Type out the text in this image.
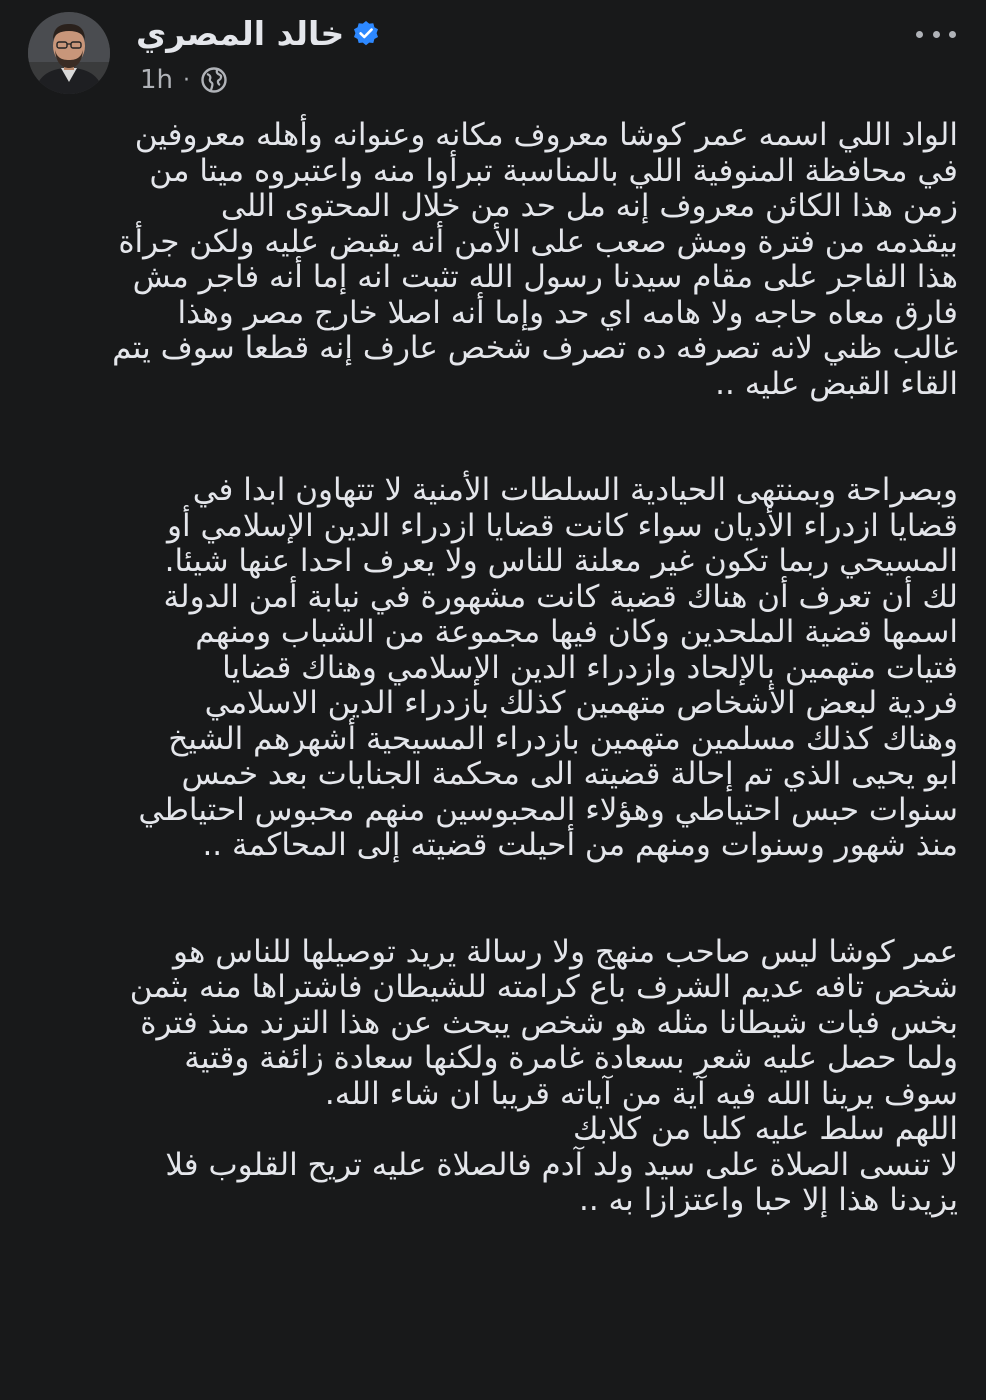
خالد المصري
1h ·
الواد اللي اسمه عمر كوشا معروف مكانه وعنوانه وأهله معروفين
في محافظة المنوفية اللي بالمناسبة تبرأوا منه واعتبروه ميتا من
زمن هذا الكائن معروف إنه مل حد من خلال المحتوى اللى
بيقدمه من فترة ومش صعب على الأمن أنه يقبض عليه ولكن جرأة
هذا الفاجر على مقام سيدنا رسول الله تثبت انه إما أنه فاجر مش
فارق معاه حاجه ولا هامه اي حد وإما أنه اصلا خارج مصر وهذا
غالب ظني لانه تصرفه ده تصرف شخص عارف إنه قطعا سوف يتم
القاء القبض عليه ..
وبصراحة وبمنتهى الحيادية السلطات الأمنية لا تتهاون ابدا في
قضايا ازدراء الأديان سواء كانت قضايا ازدراء الدين الإسلامي أو
المسيحي ربما تكون غير معلنة للناس ولا يعرف احدا عنها شيئا.
لك أن تعرف أن هناك قضية كانت مشهورة في نيابة أمن الدولة
اسمها قضية الملحدين وكان فيها مجموعة من الشباب ومنهم
فتيات متهمين بالإلحاد وازدراء الدين الإسلامي وهناك قضايا
فردية لبعض الأشخاص متهمين كذلك بازدراء الدين الاسلامي
وهناك كذلك مسلمين متهمين بازدراء المسيحية أشهرهم الشيخ
ابو يحيى الذي تم إحالة قضيته الى محكمة الجنايات بعد خمس
سنوات حبس احتياطي وهؤلاء المحبوسين منهم محبوس احتياطي
منذ شهور وسنوات ومنهم من أحيلت قضيته إلى المحاكمة ..
عمر كوشا ليس صاحب منهج ولا رسالة يريد توصيلها للناس هو
شخص تافه عديم الشرف باع كرامته للشيطان فاشتراها منه بثمن
بخس فبات شيطانا مثله هو شخص يبحث عن هذا الترند منذ فترة
ولما حصل عليه شعر بسعادة غامرة ولكنها سعادة زائفة وقتية
سوف يرينا الله فيه آية من آياته قريبا ان شاء الله.
اللهم سلط عليه كلبا من كلابك
لا تنسى الصلاة على سيد ولد آدم فالصلاة عليه تريح القلوب فلا
يزيدنا هذا إلا حبا واعتزازا به ..
